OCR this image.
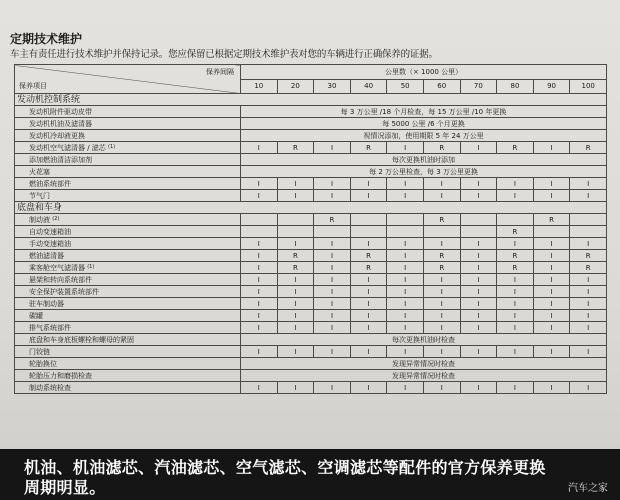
定期技术维护
车主有责任进行技术维护并保持记录。您应保留已根据定期技术维护表对您的车辆进行正确保养的证据。
保养间隔
保养项目	公里数（× 1000 公里）									
	10	20	30	40	50	60	70	80	90	100
发动机控制系统										
发动机附件驱动皮带	每 3 万公里 /18 个月检查，每 15 万公里 /10 年更换									
发动机机油及滤清器	每 5000 公里 /6 个月更换									
发动机冷却液更换	视情况添加，使用期限 5 年 24 万公里									
发动机空气滤清器 / 滤芯 $^{(1)}$	I	R	I	R	I	R	I	R	I	R
添加燃油清洁添加剂	每次更换机油时添加									
火花塞	每 2 万公里检查，每 3 万公里更换									
燃油系统部件	I	I	I	I	I	I	I	I	I	I
节气门	I	I	I	I	I	I	I	I	I	I
底盘和车身										
制动液 $^{(2)}$			R			R			R	
自动变速箱油								R		
手动变速箱油	I	I	I	I	I	I	I	I	I	I
燃油滤清器	I	R	I	R	I	R	I	R	I	R
乘客舱空气滤清器 $^{(1)}$	I	R	I	R	I	R	I	R	I	R
悬架和转向系统部件	I	I	I	I	I	I	I	I	I	I
安全保护装置系统部件	I	I	I	I	I	I	I	I	I	I
驻车制动器	I	I	I	I	I	I	I	I	I	I
碳罐	I	I	I	I	I	I	I	I	I	I
排气系统部件	I	I	I	I	I	I	I	I	I	I
底盘和车身底板螺栓和螺母的紧固	每次更换机油时检查									
门铰链	I	I	I	I	I	I	I	I	I	I
轮胎换位	发现异常情况时检查									
轮胎压力和磨损检查	发现异常情况时检查									
制动系统检查	I	I	I	I	I	I	I	I	I	I
机油、机油滤芯、汽油滤芯、空气滤芯、空调滤芯等配件的官方保养更换
周期明显。	汽车之家
